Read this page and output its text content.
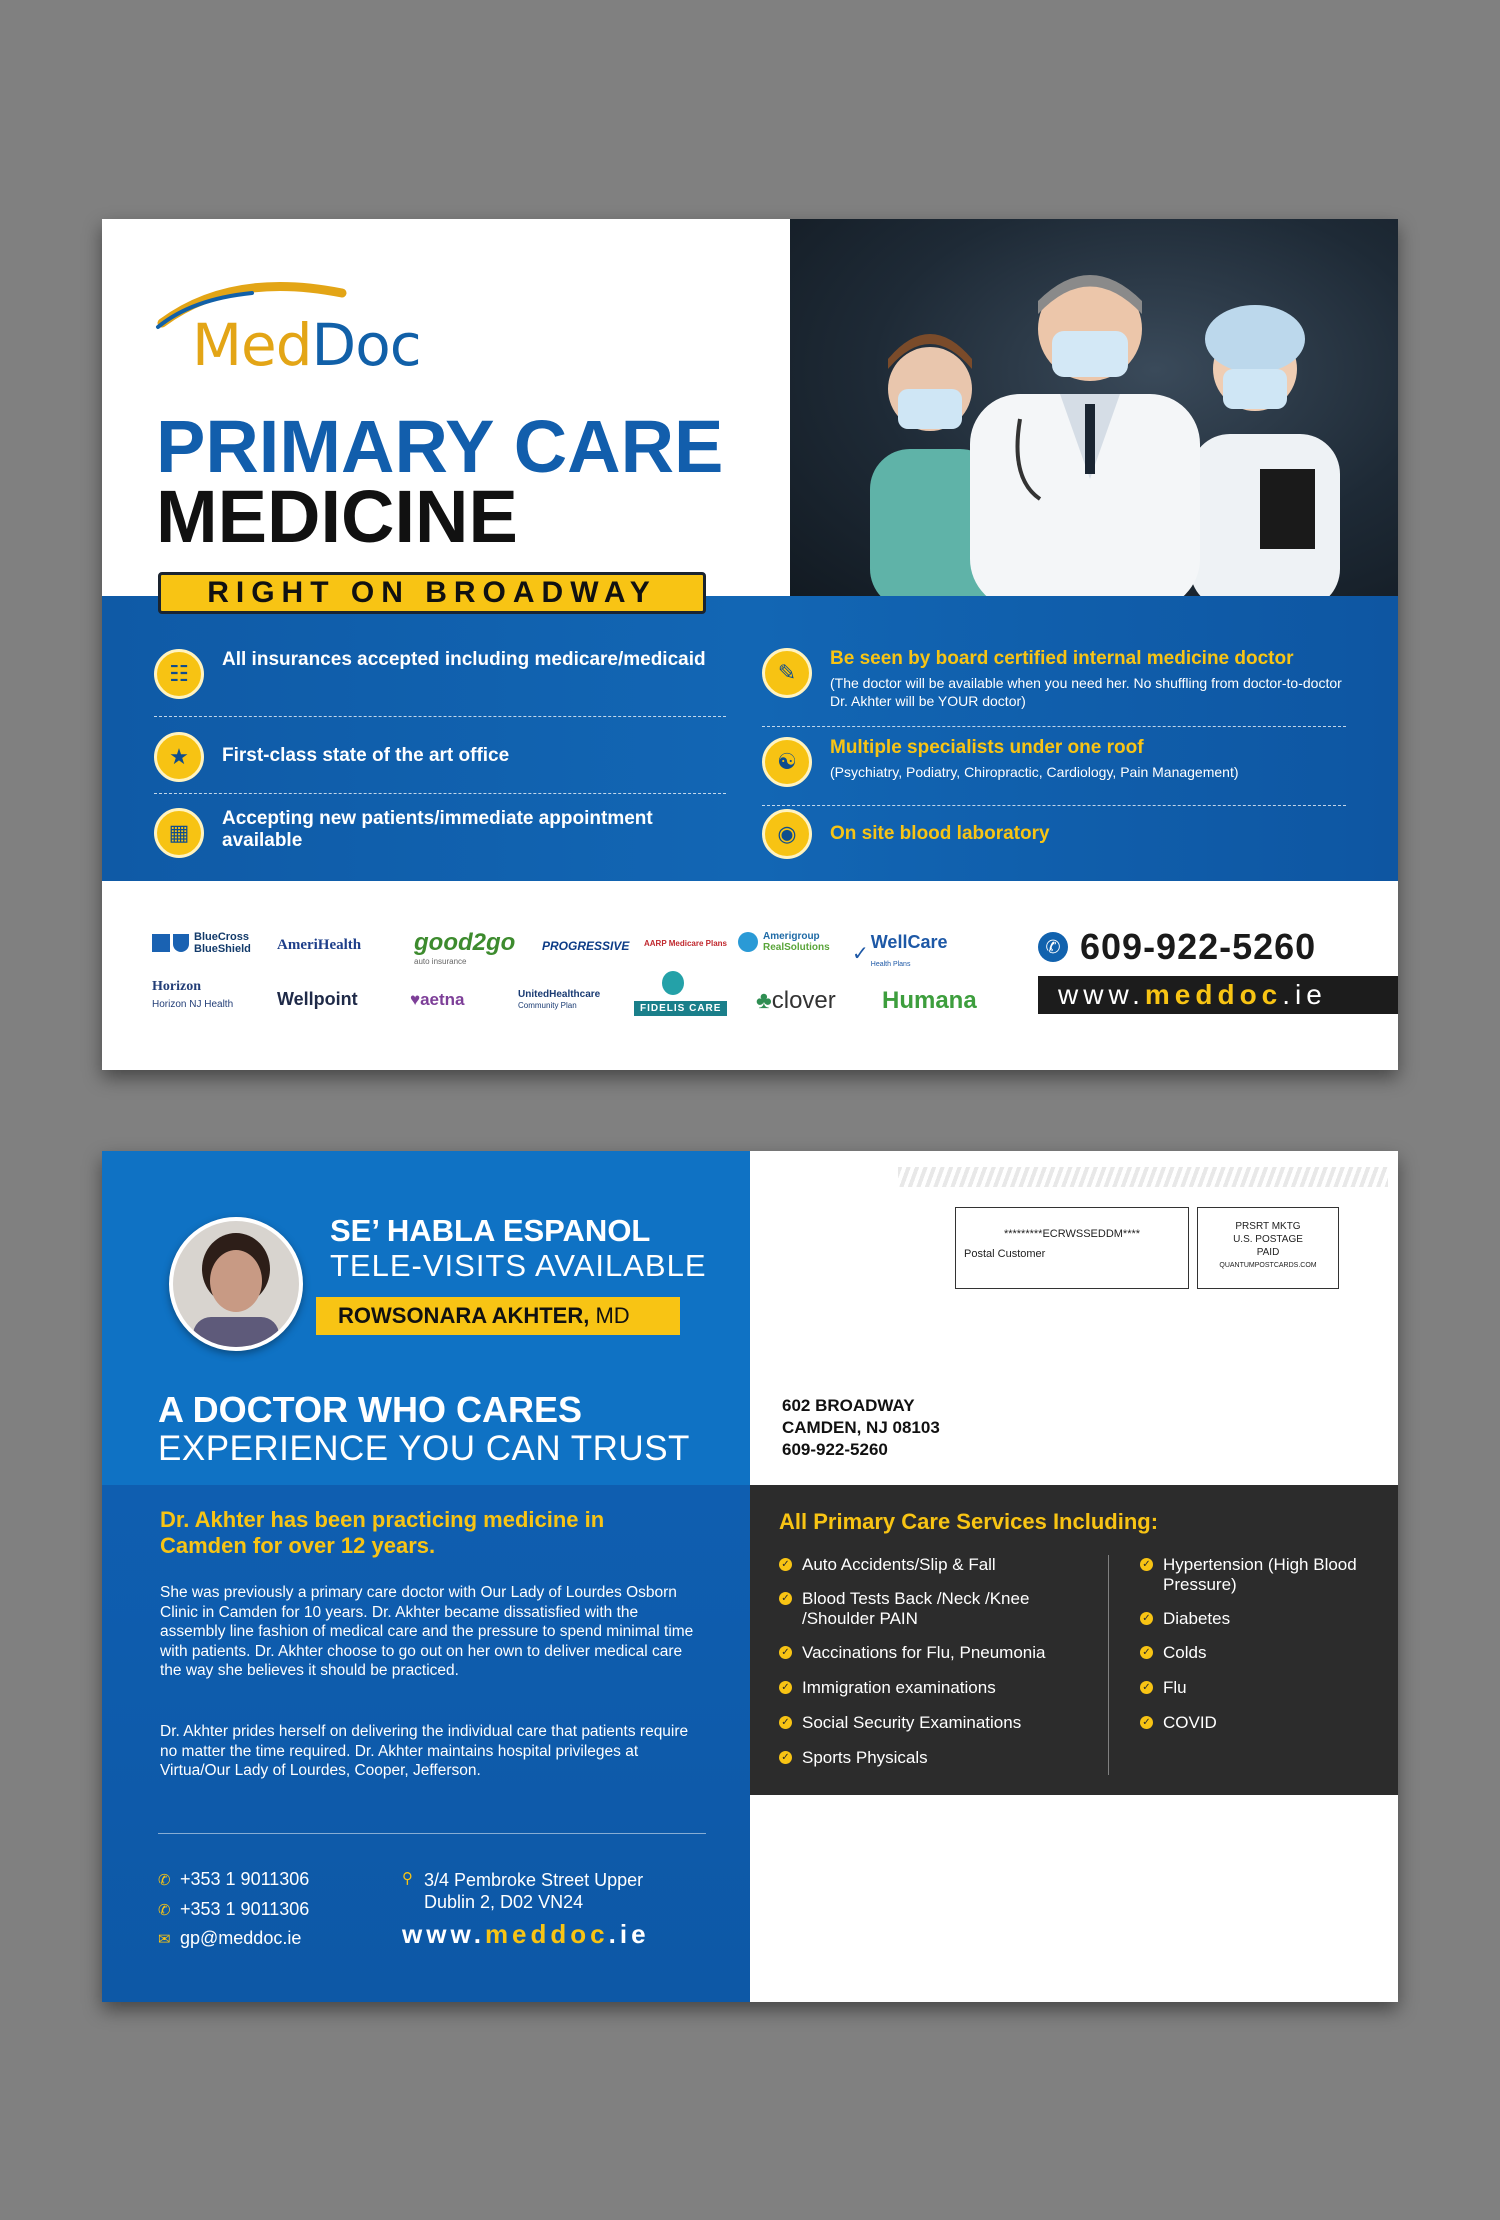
MedDoc
PRIMARY CARE
MEDICINE
RIGHT ON BROADWAY
☷
All insurances accepted including medicare/medicaid
★	First-class state of the art office
▦
Accepting new patients/immediate appointment available
✎
Be seen by board certified internal medicine doctor
(The doctor will be available when you need her. No shuffling from doctor-to-doctor Dr. Akhter will be YOUR doctor)
☯
Multiple specialists under one roof
(Psychiatry, Podiatry, Chiropractic, Cardiology, Pain Management)
◉	On site blood laboratory
BlueCross BlueShield	AmeriHealth good2go
auto insurance
PROGRESSIVE AARP Medicare Plans
Amerigroup
RealSolutions ✓
WellCare
Health Plans
Horizon
Horizon NJ Health Wellpoint	♥aetna	UnitedHealthcare
Community Plan	FIDELIS CARE ♣clover Humana
✆ 609-922-5260
www.meddoc.ie
SE’ HABLA ESPANOL
TELE-VISITS AVAILABLE
ROWSONARA AKHTER, MD
A DOCTOR WHO CARES
EXPERIENCE YOU CAN TRUST
Dr. Akhter has been practicing medicine in Camden for over 12 years.
She was previously a primary care doctor with Our Lady of Lourdes Osborn Clinic in Camden for 10 years. Dr. Akhter became dissatisfied with the assembly line fashion of medical care and the pressure to spend minimal time with patients. Dr. Akhter choose to go out on her own to deliver medical care the way she believes it should be practiced.
Dr. Akhter prides herself on delivering the individual care that patients require no matter the time required. Dr. Akhter maintains hospital privileges at Virtua/Our Lady of Lourdes, Cooper, Jefferson.
✆ +353 1 9011306
✆ +353 1 9011306
✉ gp@meddoc.ie
⚲ 3/4 Pembroke Street Upper
Dublin 2, D02 VN24
www.meddoc.ie
*********ECRWSSEDDM****
Postal Customer
PRSRT MKTG
U.S. POSTAGE
PAID
QUANTUMPOSTCARDS.COM
602 BROADWAY
CAMDEN, NJ 08103
609-922-5260
All Primary Care Services Including:
✓ Auto Accidents/Slip & Fall
✓ Blood Tests Back /Neck /Knee /Shoulder PAIN
✓ Vaccinations for Flu, Pneumonia
✓ Immigration examinations
✓ Social Security Examinations
✓ Sports Physicals
✓ Hypertension (High Blood Pressure)
✓ Diabetes
✓ Colds
✓ Flu
✓ COVID
